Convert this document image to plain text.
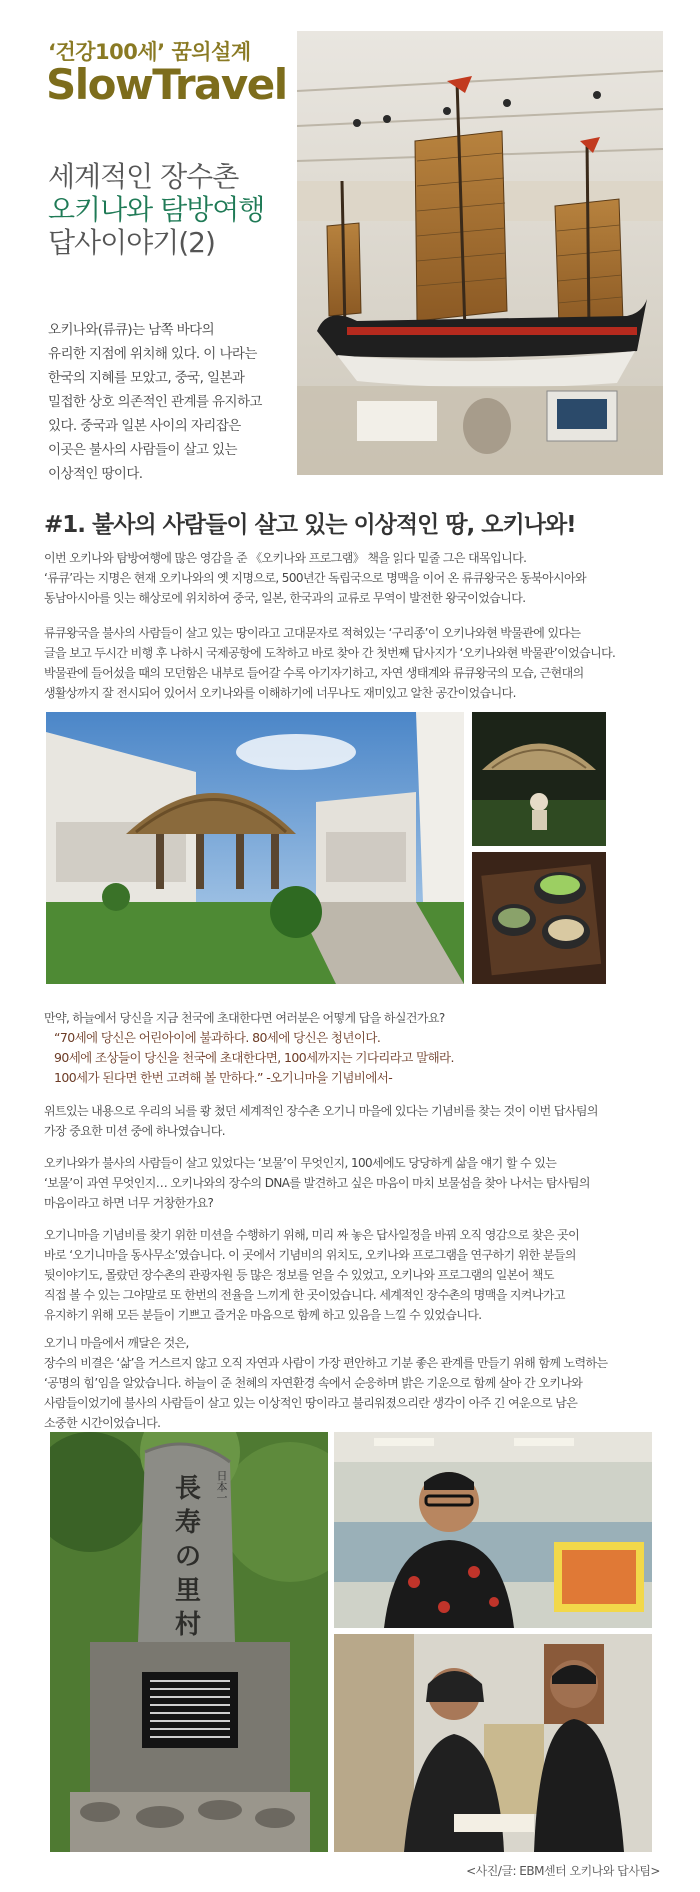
‘건강100세’ 꿈의설계
SlowTravel
세계적인 장수촌
오키나와 탐방여행
답사이야기(2)
오키나와(류큐)는 남쪽 바다의
유리한 지점에 위치해 있다. 이 나라는
한국의 지혜를 모았고, 중국, 일본과
밀접한 상호 의존적인 관계를 유지하고
있다. 중국과 일본 사이의 자리잡은
이곳은 불사의 사람들이 살고 있는
이상적인 땅이다.
#1. 불사의 사람들이 살고 있는 이상적인 땅, 오키나와!
이번 오키나와 탐방여행에 많은 영감을 준 《오키나와 프로그램》 책을 읽다 밑줄 그은 대목입니다.
‘류큐’라는 지명은 현재 오키나와의 옛 지명으로, 500년간 독립국으로 명맥을 이어 온 류큐왕국은 동북아시아와
동남아시아를 잇는 해상로에 위치하여 중국, 일본, 한국과의 교류로 무역이 발전한 왕국이었습니다.
류큐왕국을 불사의 사람들이 살고 있는 땅이라고 고대문자로 적혀있는 ‘구리종’이 오키나와현 박물관에 있다는
글을 보고 두시간 비행 후 나하시 국제공항에 도착하고 바로 찾아 간 첫번째 답사지가 ‘오키나와현 박물관’이었습니다.
박물관에 들어섰을 때의 모던함은 내부로 들어갈 수록 아기자기하고, 자연 생태계와 류큐왕국의 모습, 근현대의
생활상까지 잘 전시되어 있어서 오키나와를 이해하기에 너무나도 재미있고 알찬 공간이었습니다.
만약, 하늘에서 당신을 지금 천국에 초대한다면 여러분은 어떻게 답을 하실건가요?
“70세에 당신은 어린아이에 불과하다. 80세에 당신은 청년이다.
90세에 조상들이 당신을 천국에 초대한다면, 100세까지는 기다리라고 말해라.
100세가 된다면 한번 고려해 볼 만하다.” -오기니마을 기념비에서-
위트있는 내용으로 우리의 뇌를 쾅 쳤던 세계적인 장수촌 오기니 마을에 있다는 기념비를 찾는 것이 이번 답사팀의
가장 중요한 미션 중에 하나였습니다.
오키나와가 불사의 사람들이 살고 있었다는 ‘보물’이 무엇인지, 100세에도 당당하게 삶을 얘기 할 수 있는
‘보물’이 과연 무엇인지… 오키나와의 장수의 DNA를 발견하고 싶은 마음이 마치 보물섬을 찾아 나서는 탐사팀의
마음이라고 하면 너무 거창한가요?
오기니마을 기념비를 찾기 위한 미션을 수행하기 위해, 미리 짜 놓은 답사일정을 바꿔 오직 영감으로 찾은 곳이
바로 ‘오기니마을 동사무소’였습니다. 이 곳에서 기념비의 위치도, 오키나와 프로그램을 연구하기 위한 분들의
뒷이야기도, 몰랐던 장수촌의 관광자원 등 많은 정보를 얻을 수 있었고, 오키나와 프로그램의 일본어 책도
직접 볼 수 있는 그야말로 또 한번의 전율을 느끼게 한 곳이었습니다. 세계적인 장수촌의 명맥을 지켜나가고
유지하기 위해 모든 분들이 기쁘고 즐거운 마음으로 함께 하고 있음을 느낄 수 있었습니다.
오기니 마을에서 깨달은 것은,
장수의 비결은 ‘삶’을 거스르지 않고 오직 자연과 사람이 가장 편안하고 기분 좋은 관계를 만들기 위해 함께 노력하는
‘공명의 힘’임을 알았습니다. 하늘이 준 천혜의 자연환경 속에서 순응하며 밝은 기운으로 함께 살아 간 오키나와
사람들이었기에 불사의 사람들이 살고 있는 이상적인 땅이라고 불리워졌으리란 생각이 아주 긴 여운으로 남은
소중한 시간이었습니다.
長寿
の
里
村
日本一
<사진/글: EBM센터 오키나와 답사팀>
